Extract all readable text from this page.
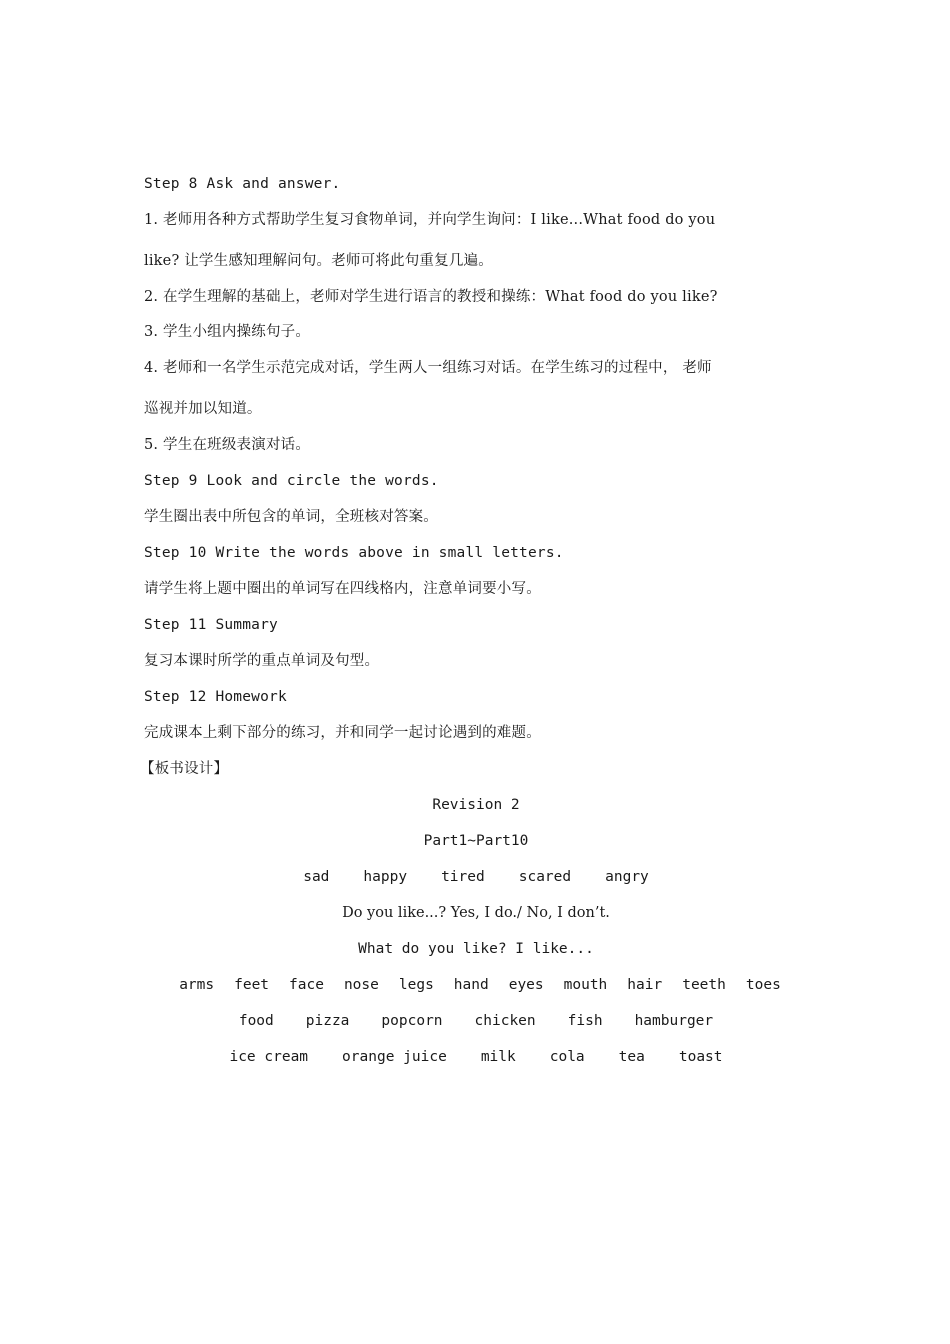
Step 8 Ask and answer.
1. 老师用各种方式帮助学生复习食物单词，并向学生询问：I like...What food do you
like? 让学生感知理解问句。老师可将此句重复几遍。
2. 在学生理解的基础上，老师对学生进行语言的教授和操练：What food do you like?
3. 学生小组内操练句子。
4. 老师和一名学生示范完成对话，学生两人一组练习对话。在学生练习的过程中， 老师
巡视并加以知道。
5. 学生在班级表演对话。
Step 9 Look and circle the words.
学生圈出表中所包含的单词，全班核对答案。
Step 10 Write the words above in small letters.
请学生将上题中圈出的单词写在四线格内，注意单词要小写。
Step 11 Summary
复习本课时所学的重点单词及句型。
Step 12 Homework
完成课本上剩下部分的练习，并和同学一起讨论遇到的难题。
【板书设计】
Revision 2
Part1~Part10
sad happy tired scared angry
Do you like...? Yes, I do./ No, I don’t.
What do you like? I like...
arms feet face nose legs hand eyes mouth hair teeth toes
food pizza popcorn chicken fish hamburger
ice cream orange juice milk cola tea toast
